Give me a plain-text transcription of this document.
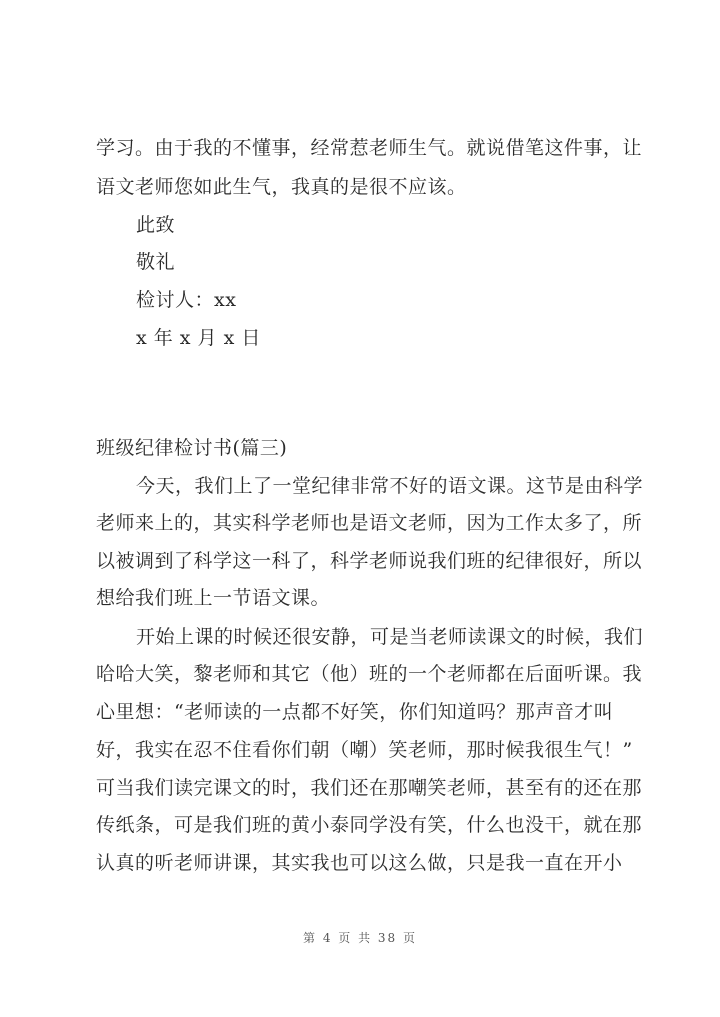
学习。由于我的不懂事，经常惹老师生气。就说借笔这件事，让
语文老师您如此生气，我真的是很不应该。
此致
敬礼
检讨人：xx
x 年 x 月 x 日
班级纪律检讨书(篇三)
今天，我们上了一堂纪律非常不好的语文课。这节是由科学
老师来上的，其实科学老师也是语文老师，因为工作太多了，所
以被调到了科学这一科了，科学老师说我们班的纪律很好，所以
想给我们班上一节语文课。
开始上课的时候还很安静，可是当老师读课文的时候，我们
哈哈大笑，黎老师和其它（他）班的一个老师都在后面听课。我
心里想：“老师读的一点都不好笑，你们知道吗？那声音才叫
好，我实在忍不住看你们朝（嘲）笑老师，那时候我很生气！”
可当我们读完课文的时，我们还在那嘲笑老师，甚至有的还在那
传纸条，可是我们班的黄小泰同学没有笑，什么也没干，就在那
认真的听老师讲课，其实我也可以这么做，只是我一直在开小
第 4 页 共 38 页
